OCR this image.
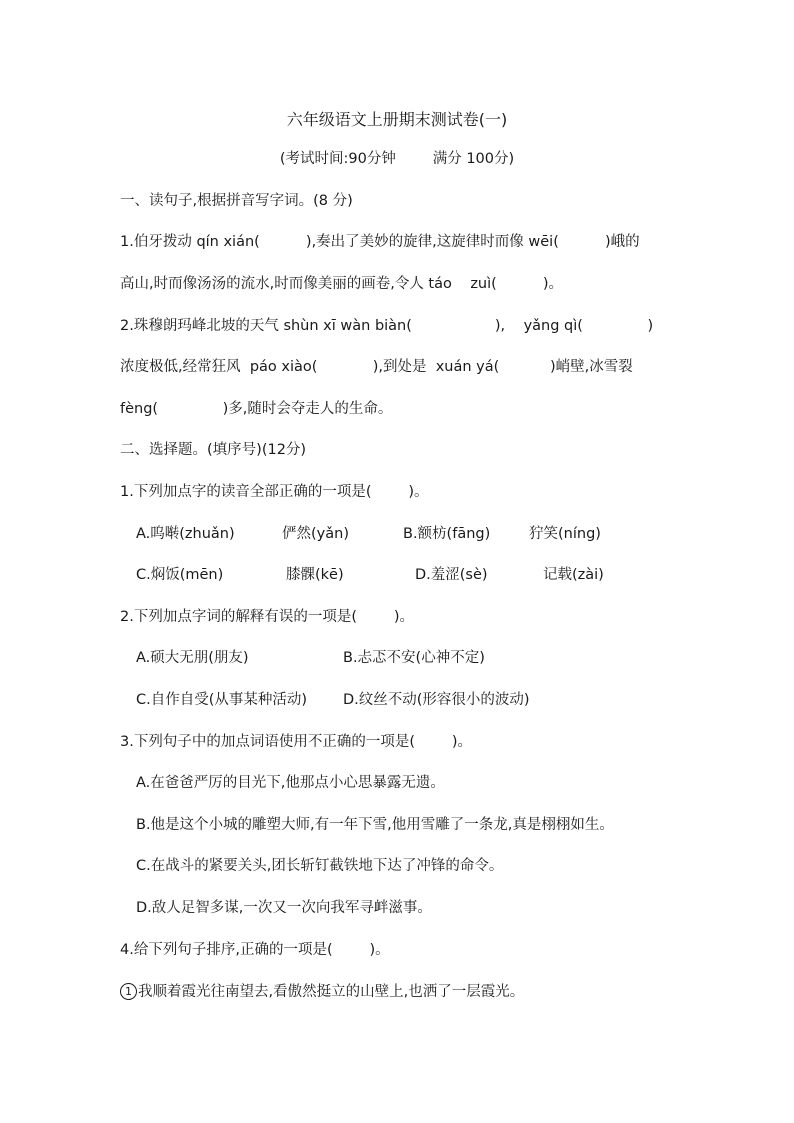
六年级语文上册期末测试卷(一)
(考试时间:90分钟        满分 100分)
一、读句子,根据拼音写字词。(8 分)
1.伯牙拨动 qín xián(          ),奏出了美妙的旋律,这旋律时而像 wēi(          )峨的
高山,时而像汤汤的流水,时而像美丽的画卷,令人 táo    zuì(          )。
2.珠穆朗玛峰北坡的天气 shùn xī wàn biàn(                  ),    yǎng qì(              )
浓度极低,经常狂风  páo xiào(            ),到处是  xuán yá(           )峭壁,冰雪裂
fèng(              )多,随时会夺走人的生命。
二、选择题。(填序号)(12分)
1.下列加点字的读音全部正确的一项是(        )。
A.呜啭(zhuǎn)	俨然(yǎn)	B.额枋(fāng)	狞笑(níng)
C.焖饭(mēn)	膝髁(kē)	D.羞涩(sè)	记载(zài)
2.下列加点字词的解释有误的一项是(        )。
A.硕大无朋(朋友)	B.忐忑不安(心神不定)
C.自作自受(从事某种活动) D.纹丝不动(形容很小的波动)
3.下列句子中的加点词语使用不正确的一项是(        )。
A.在爸爸严厉的目光下,他那点小心思暴露无遗。
B.他是这个小城的雕塑大师,有一年下雪,他用雪雕了一条龙,真是栩栩如生。
C.在战斗的紧要关头,团长斩钉截铁地下达了冲锋的命令。
D.敌人足智多谋,一次又一次向我军寻衅滋事。
4.给下列句子排序,正确的一项是(        )。
1 我顺着霞光往南望去,看傲然挺立的山壁上,也洒了一层霞光。
